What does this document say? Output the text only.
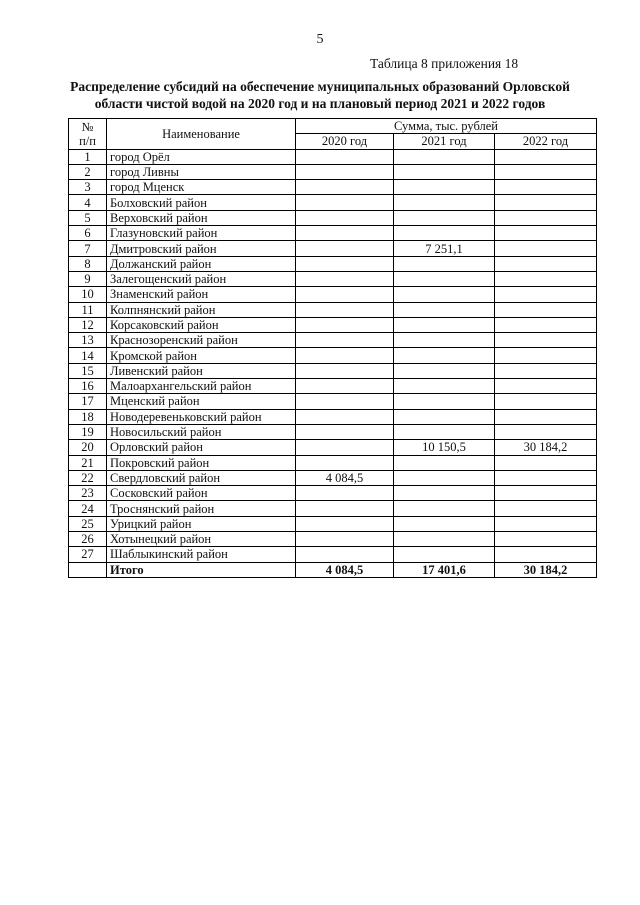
5
Таблица 8 приложения 18
Распределение субсидий на обеспечение муниципальных образований Орловской
области чистой водой на 2020 год и на плановый период 2021 и 2022 годов
№
п/п	Наименование	Сумма, тыс. рублей		
		2020 год	2021 год	2022 год
1	город Орёл			
2	город Ливны			
3	город Мценск			
4	Болховский район			
5	Верховский район			
6	Глазуновский район			
7	Дмитровский район		7 251,1	
8	Должанский район			
9	Залегощенский район			
10	Знаменский район			
11	Колпнянский район			
12	Корсаковский район			
13	Краснозоренский район			
14	Кромской район			
15	Ливенский район			
16	Малоархангельский район			
17	Мценский район			
18	Новодеревеньковский район			
19	Новосильский район			
20	Орловский район		10 150,5	30 184,2
21	Покровский район			
22	Свердловский район	4 084,5		
23	Сосковский район			
24	Троснянский район			
25	Урицкий район			
26	Хотынецкий район			
27	Шаблыкинский район			
	Итого	4 084,5	17 401,6	30 184,2
